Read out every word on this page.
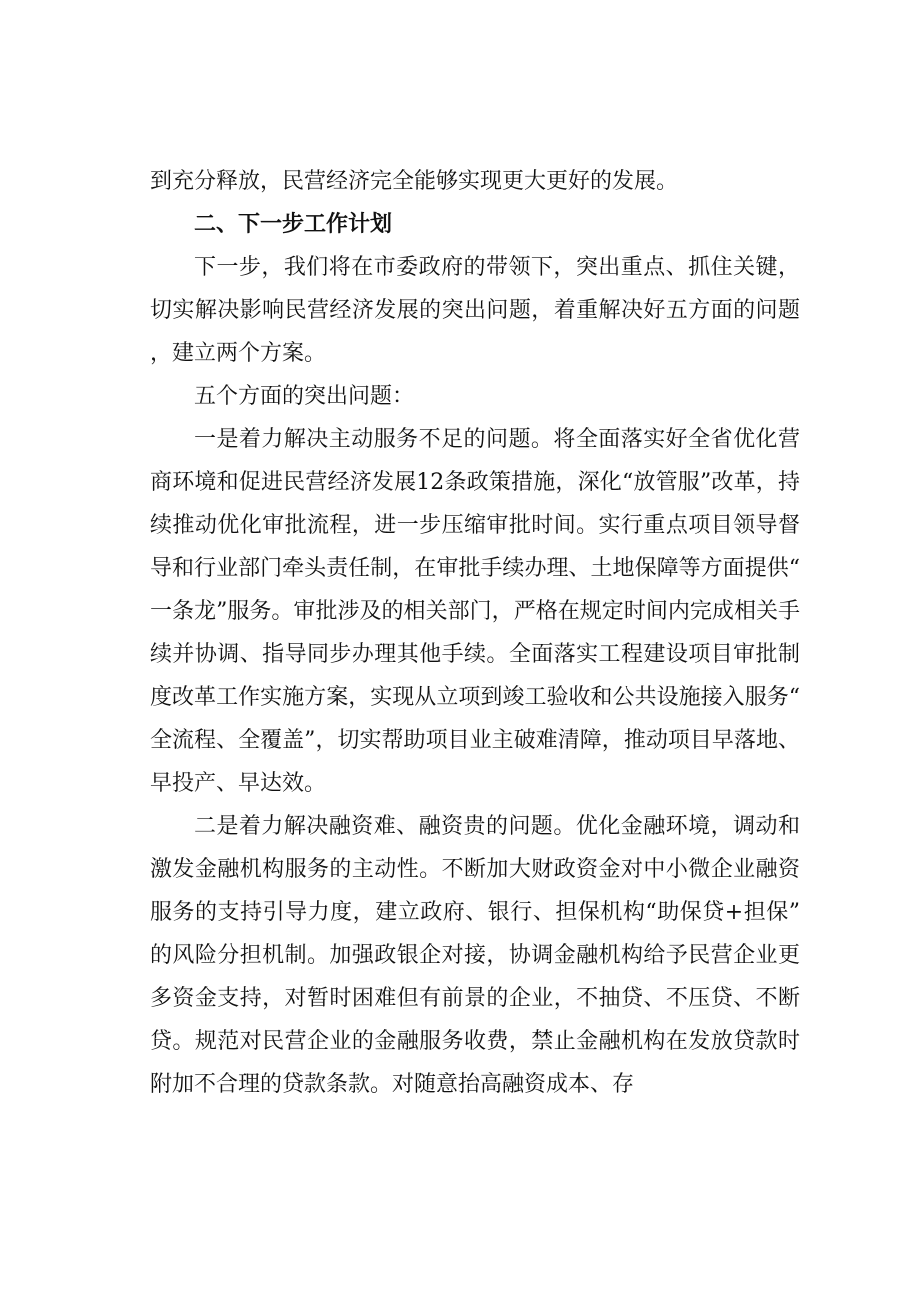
到充分释放，民营经济完全能够实现更大更好的发展。

二、下一步工作计划

下一步，我们将在市委政府的带领下，突出重点、抓住关键，切实解决影响民营经济发展的突出问题，着重解决好五方面的问题，建立两个方案。

五个方面的突出问题：

一是着力解决主动服务不足的问题。将全面落实好全省优化营商环境和促进民营经济发展12条政策措施，深化“放管服”改革，持续推动优化审批流程，进一步压缩审批时间。实行重点项目领导督导和行业部门牵头责任制，在审批手续办理、土地保障等方面提供“一条龙”服务。审批涉及的相关部门，严格在规定时间内完成相关手续并协调、指导同步办理其他手续。全面落实工程建设项目审批制度改革工作实施方案，实现从立项到竣工验收和公共设施接入服务“全流程、全覆盖”，切实帮助项目业主破难清障，推动项目早落地、早投产、早达效。

二是着力解决融资难、融资贵的问题。优化金融环境，调动和激发金融机构服务的主动性。不断加大财政资金对中小微企业融资服务的支持引导力度，建立政府、银行、担保机构“助保贷+担保”的风险分担机制。加强政银企对接，协调金融机构给予民营企业更多资金支持，对暂时困难但有前景的企业，不抽贷、不压贷、不断贷。规范对民营企业的金融服务收费，禁止金融机构在发放贷款时附加不合理的贷款条款。对随意抬高融资成本、存
